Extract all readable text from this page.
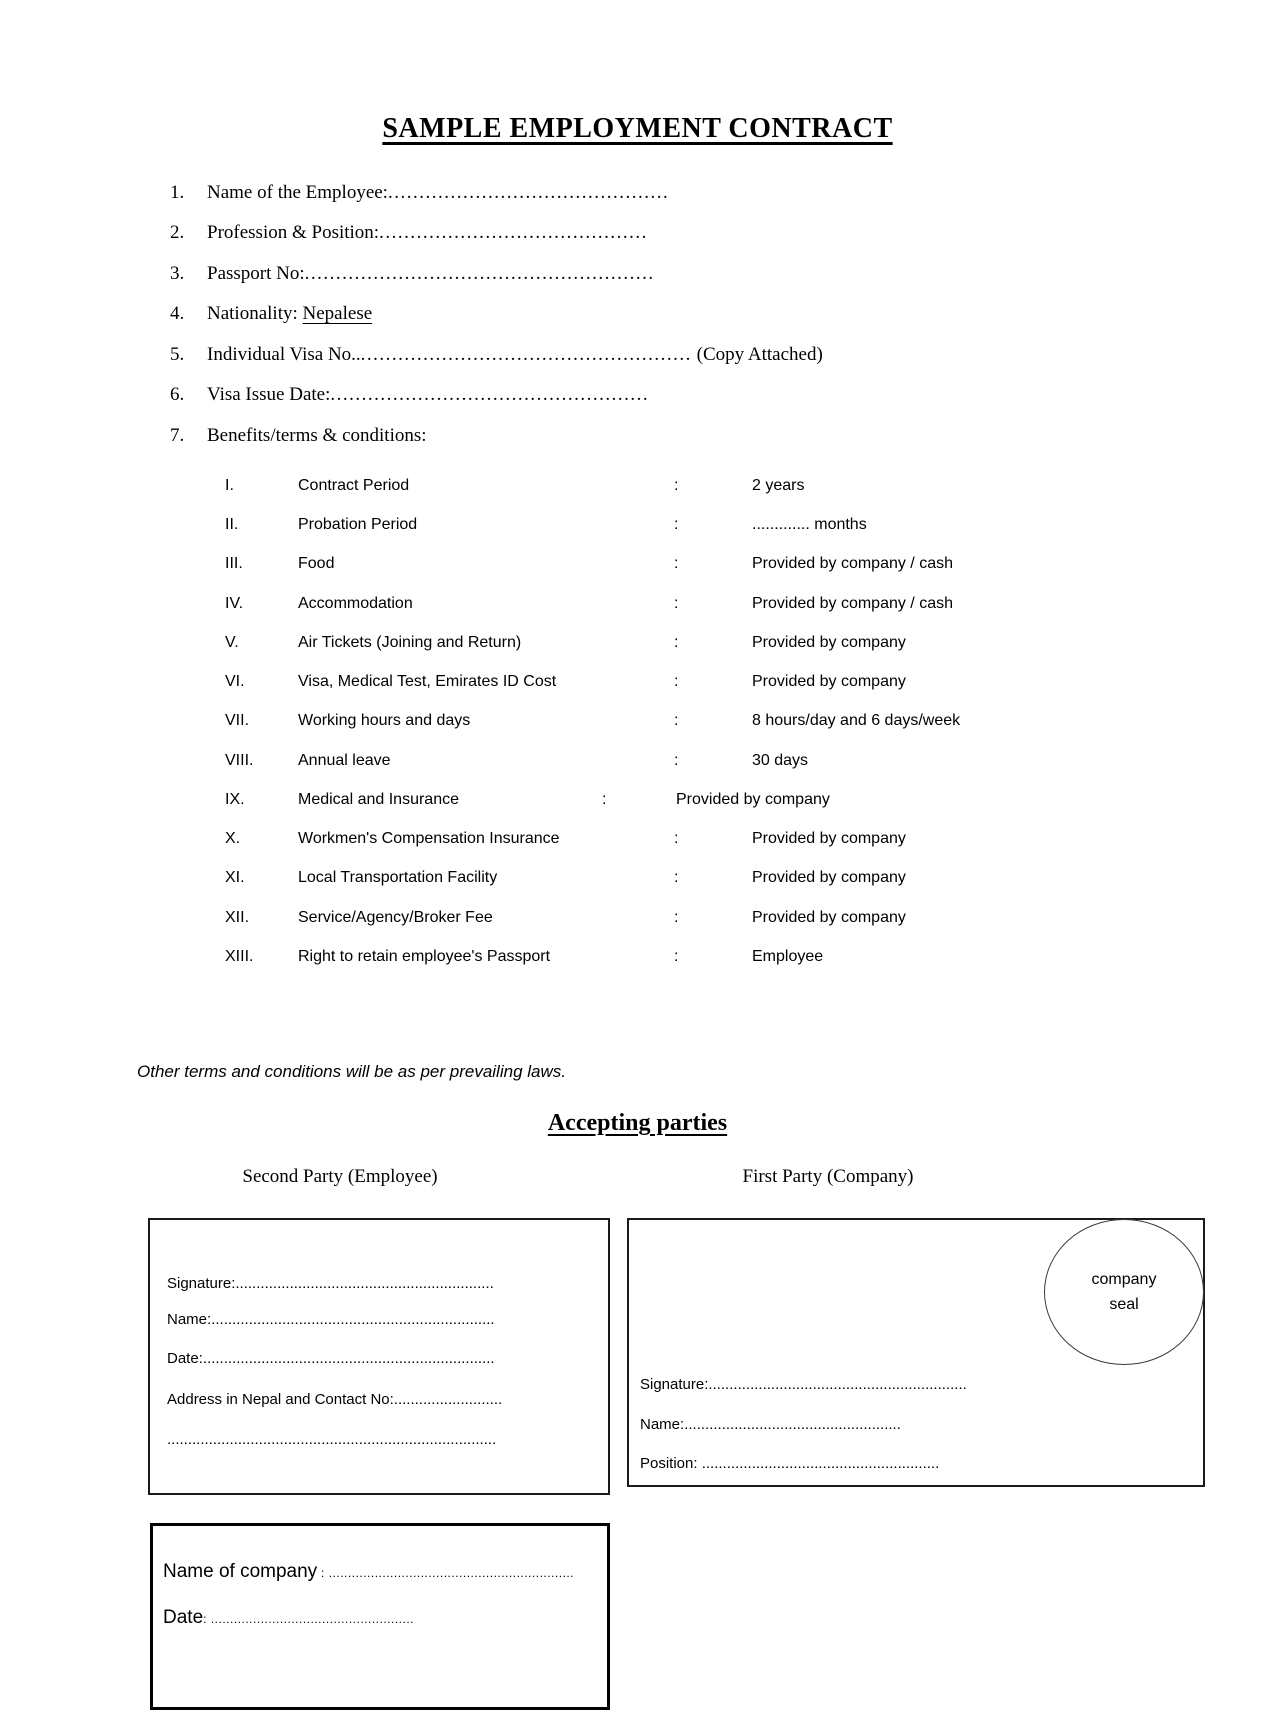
SAMPLE EMPLOYMENT CONTRACT
1. Name of the Employee:.............................................
2. Profession & Position:...........................................
3. Passport No:........................................................
4. Nationality: Nepalese
5. Individual Visa No....................................................... (Copy Attached)
6. Visa Issue Date:...................................................
7. Benefits/terms & conditions:
I.	Contract Period	:	2 years
II.	Probation Period	:	............. months
III.	Food	:	Provided by company / cash
IV.	Accommodation	:	Provided by company / cash
V.	Air Tickets (Joining and Return)	:	Provided by company
VI.	Visa, Medical Test, Emirates ID Cost	:	Provided by company
VII.	Working hours and days	:	8 hours/day and 6 days/week
VIII.	Annual leave	:	30 days
IX.	Medical and Insurance	:	Provided by company
X.	Workmen's Compensation Insurance	:	Provided by company
XI.	Local Transportation Facility	:	Provided by company
XII.	Service/Agency/Broker Fee	:	Provided by company
XIII.	Right to retain employee's Passport	:	Employee
Other terms and conditions will be as per prevailing laws.
Accepting parties
Second Party (Employee)	First Party (Company)
Signature:..............................................................
Name:....................................................................
Date:......................................................................
Address in Nepal and Contact No:..........................
...............................................................................
Signature:..............................................................
Name:....................................................
Position: .........................................................
company
seal
Name of company : ................................................................
Date: .....................................................
